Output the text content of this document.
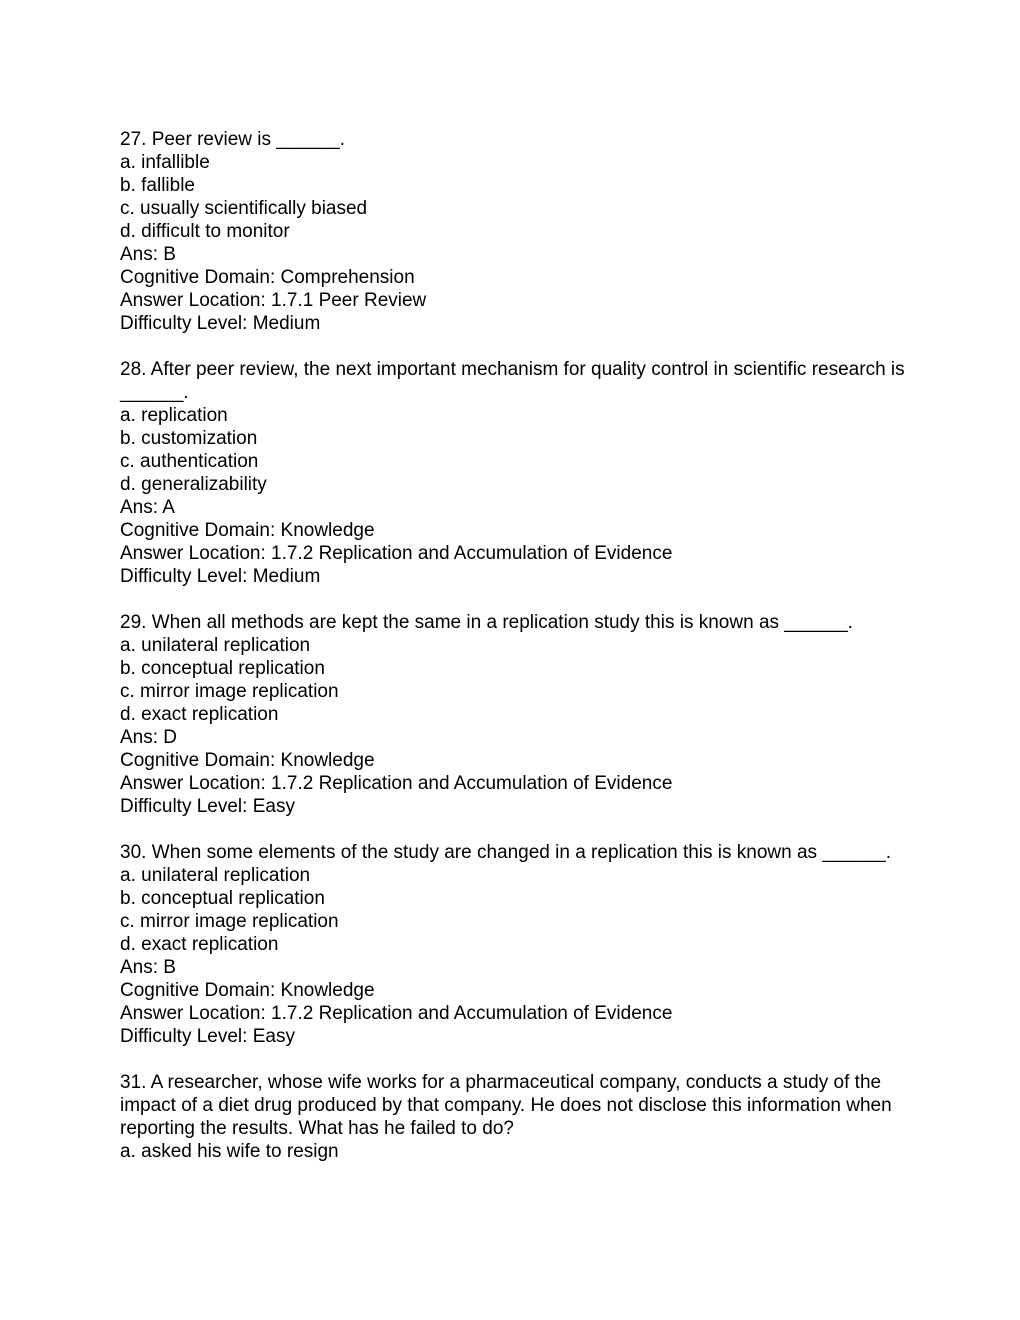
27. Peer review is ______.
a. infallible
b. fallible
c. usually scientifically biased
d. difficult to monitor
Ans: B
Cognitive Domain: Comprehension
Answer Location: 1.7.1 Peer Review
Difficulty Level: Medium
28. After peer review, the next important mechanism for quality control in scientific research is ______.
a. replication
b. customization
c. authentication
d. generalizability
Ans: A
Cognitive Domain: Knowledge
Answer Location: 1.7.2 Replication and Accumulation of Evidence
Difficulty Level: Medium
29. When all methods are kept the same in a replication study this is known as ______.
a. unilateral replication
b. conceptual replication
c. mirror image replication
d. exact replication
Ans: D
Cognitive Domain: Knowledge
Answer Location: 1.7.2 Replication and Accumulation of Evidence
Difficulty Level: Easy
30. When some elements of the study are changed in a replication this is known as ______.
a. unilateral replication
b. conceptual replication
c. mirror image replication
d. exact replication
Ans: B
Cognitive Domain: Knowledge
Answer Location: 1.7.2 Replication and Accumulation of Evidence
Difficulty Level: Easy
31. A researcher, whose wife works for a pharmaceutical company, conducts a study of the impact of a diet drug produced by that company. He does not disclose this information when reporting the results. What has he failed to do?
a. asked his wife to resign
